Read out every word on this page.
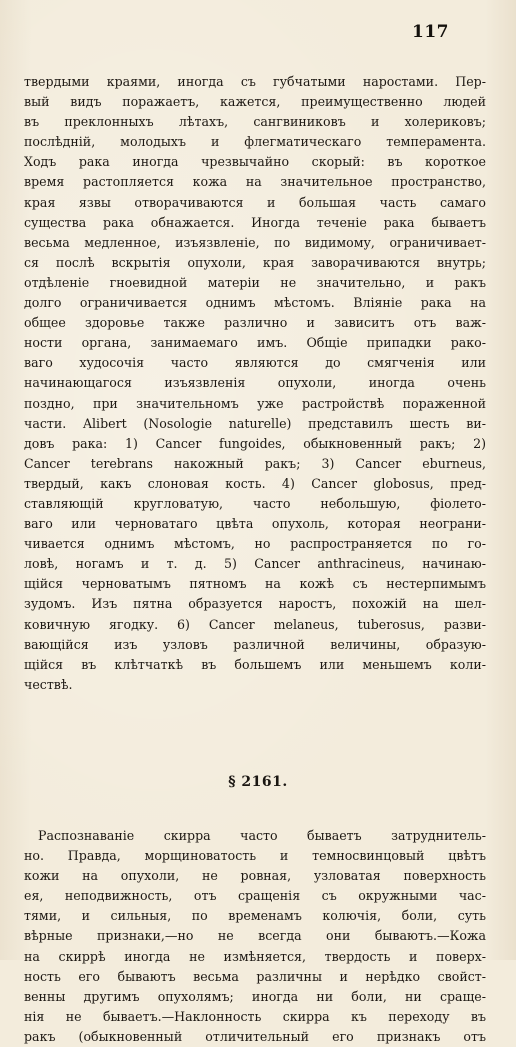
117
твердыми краями, иногда съ губчатыми наростами. Пер-
вый видъ поражаетъ, кажется, преимущественно людей
въ преклонныхъ лѣтахъ, сангвиниковъ и холериковъ;
послѣдній, молодыхъ и флегматическаго темперамента.
Ходъ рака иногда чрезвычайно скорый: въ короткое
время растопляется кожа на значительное пространство,
края язвы отворачиваются и большая часть самаго
существа рака обнажается. Иногда теченіе рака бываетъ
весьма медленное, изъязвленіе, по видимому, ограничивает-
ся послѣ вскрытія опухоли, края заворачиваются внутрь;
отдѣленіе гноевидной матеріи не значительно, и ракъ
долго ограничивается однимъ мѣстомъ. Вліяніе рака на
общее здоровье также различно и зависитъ отъ важ-
ности органа, занимаемаго имъ. Общіе припадки рако-
ваго худосочія часто являются до смягченія или
начинающагося изъязвленія опухоли, иногда очень
поздно, при значительномъ уже растройствѣ пораженной
части. Alibert (Nosologie naturelle) представилъ шесть ви-
довъ рака: 1) Cancer fungoides, обыкновенный ракъ; 2)
Cancer terebrans накожный ракъ; 3) Cancer eburneus,
твердый, какъ слоновая кость. 4) Cancer globosus, пред-
ставляющій кругловатую, часто небольшую, фіолето-
ваго или черноватаго цвѣта опухоль, которая неограни-
чивается однимъ мѣстомъ, но распространяется по го-
ловѣ, ногамъ и т. д. 5) Cancer anthracineus, начинаю-
щійся черноватымъ пятномъ на кожѣ съ нестерпимымъ
зудомъ. Изъ пятна образуется наростъ, похожій на шел-
ковичную ягодку. 6) Cancer melaneus, tuberosus, разви-
вающійся изъ узловъ различной величины, образую-
щійся въ клѣтчаткѣ въ большемъ или меньшемъ коли-
чествѣ.
§ 2161.
Распознаваніе скирра часто бываетъ затруднитель-
но. Правда, морщиноватость и темносвинцовый цвѣтъ
кожи на опухоли, не ровная, узловатая поверхность
ея, неподвижность, отъ сращенія съ окружными час-
тями, и сильныя, по временамъ колючія, боли, суть
вѣрные признаки,—но не всегда они бываютъ.—Кожа
на скиррѣ иногда не измѣняется, твердость и поверх-
ность его бываютъ весьма различны и нерѣдко свойст-
венны другимъ опухолямъ; иногда ни боли, ни сраще-
нія не бываетъ.—Наклонность скирра къ переходу въ
ракъ (обыкновенный отличительный его признакъ отъ
